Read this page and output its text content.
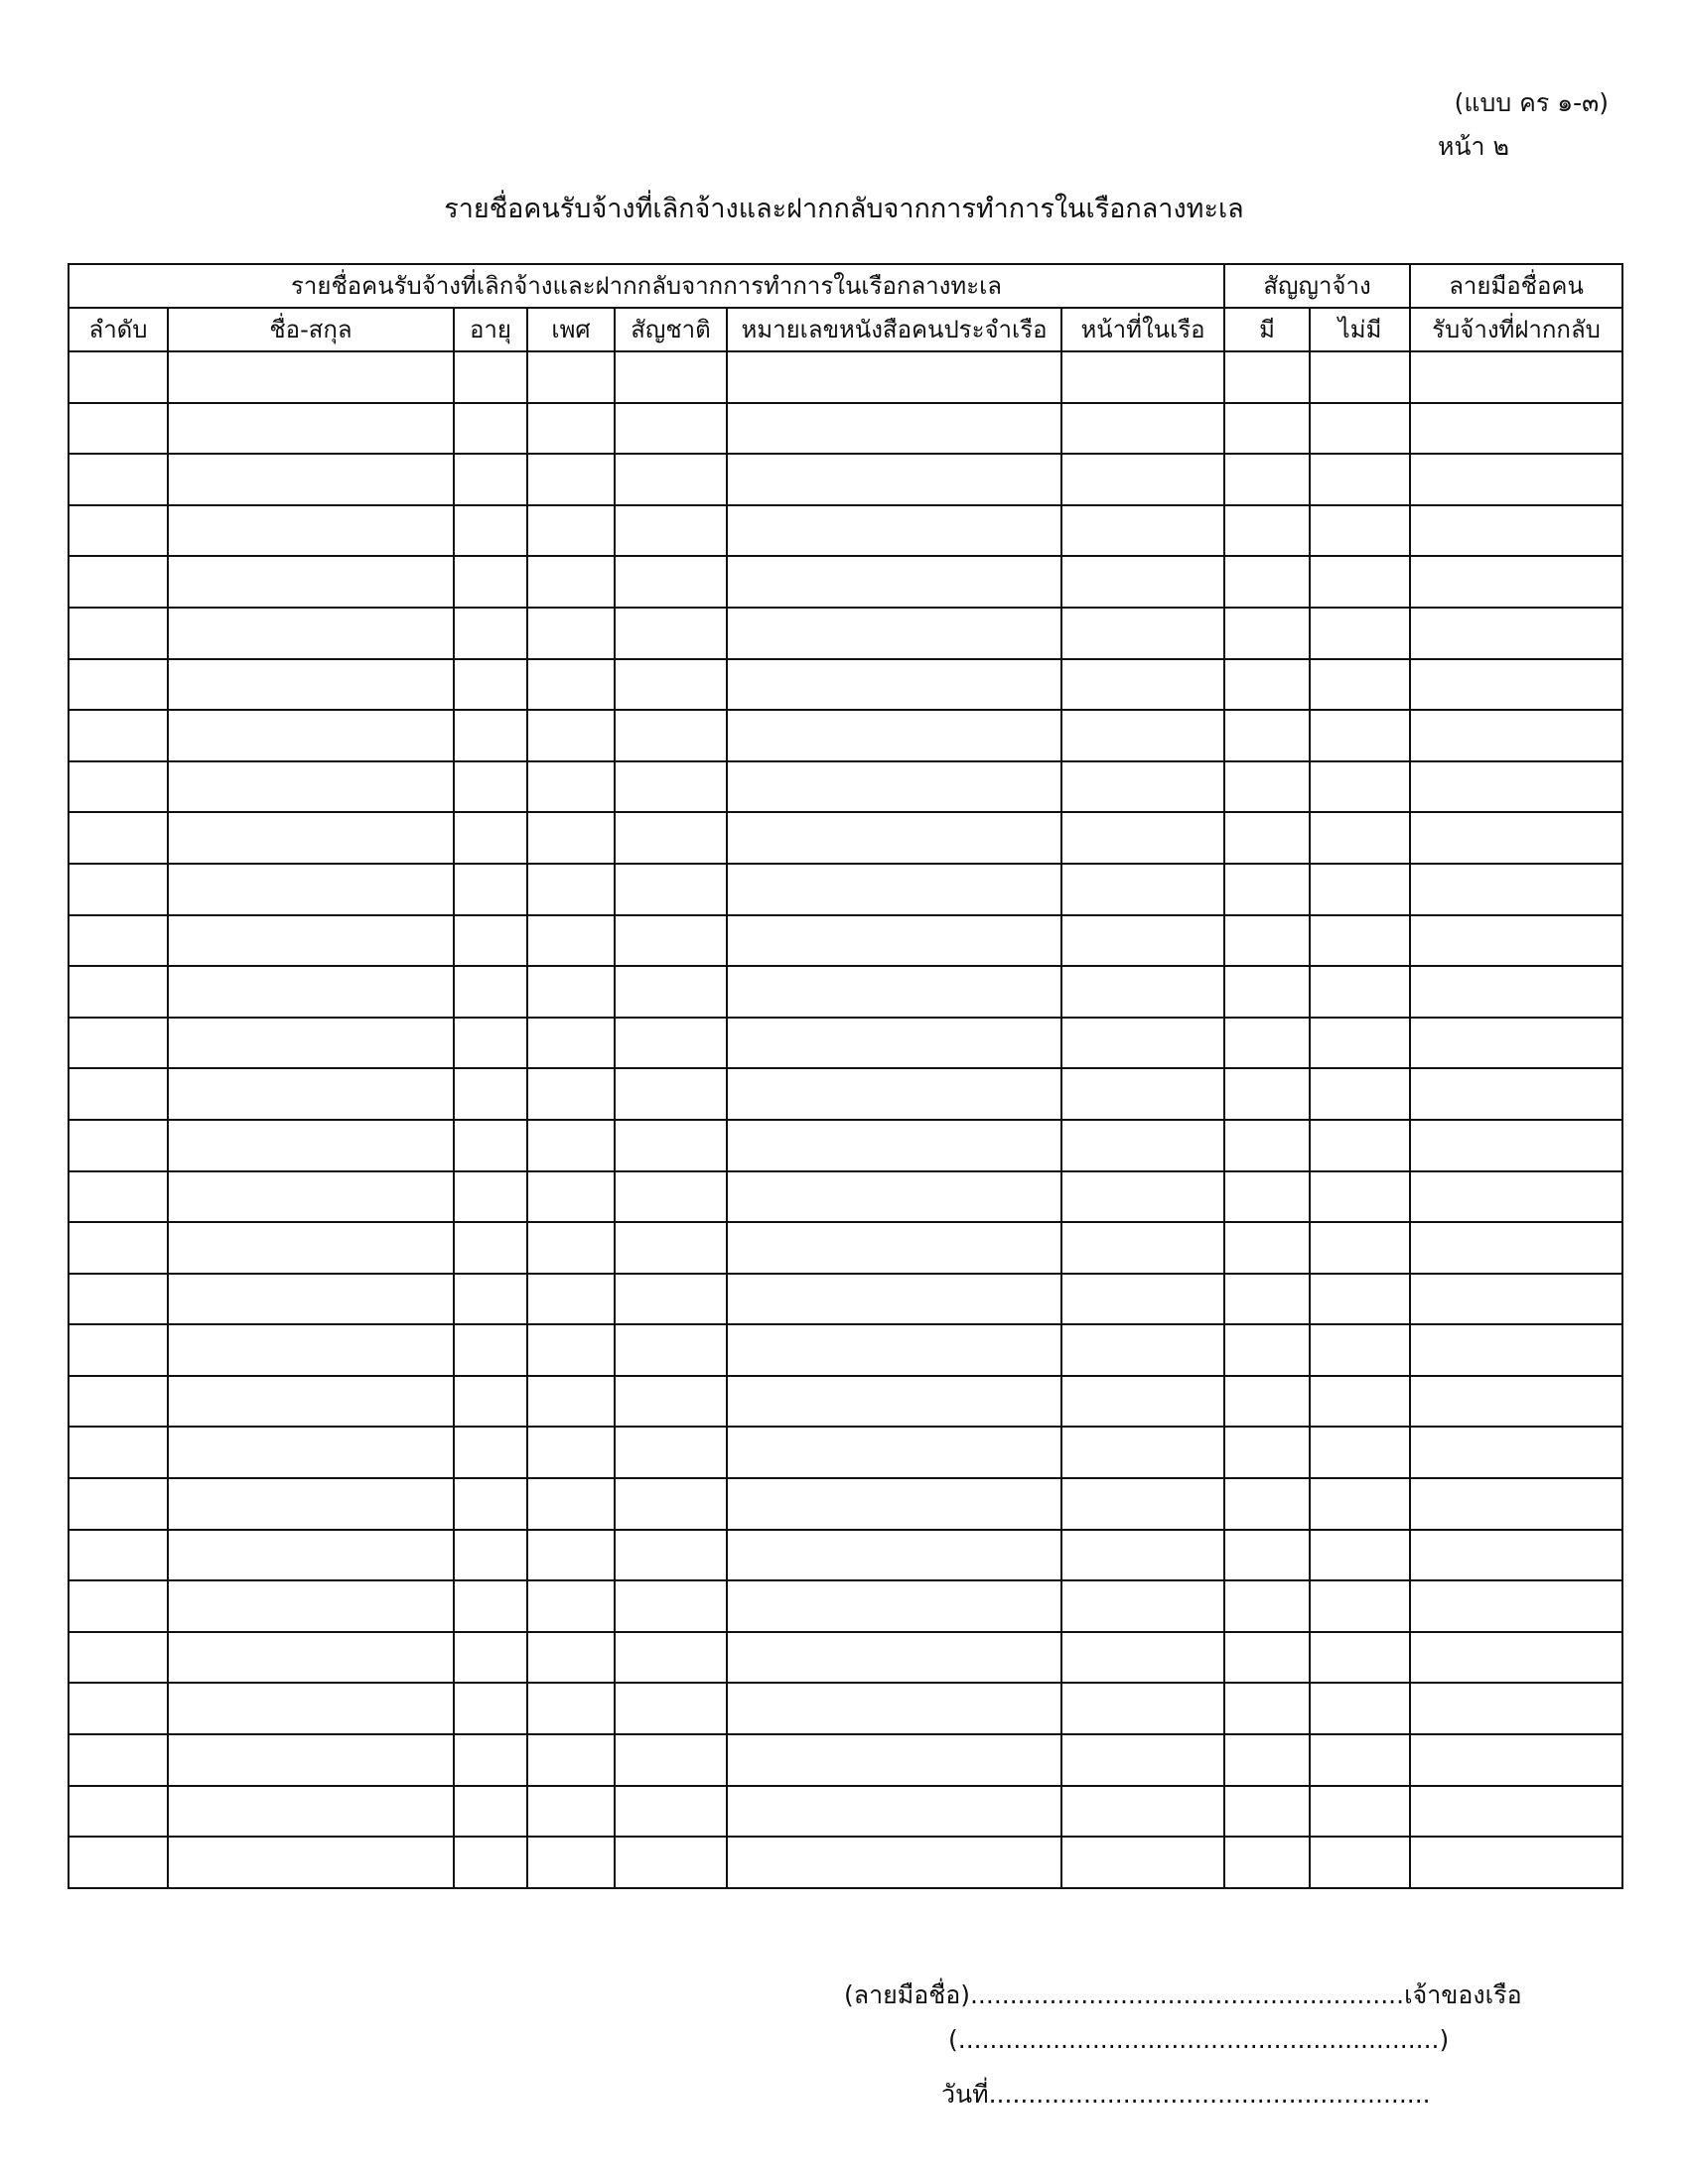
(แบบ คร ๑-๓)
หน้า ๒
รายชื่อคนรับจ้างที่เลิกจ้างและฝากกลับจากการทำการในเรือกลางทะเล
รายชื่อคนรับจ้างที่เลิกจ้างและฝากกลับจากการทำการในเรือกลางทะเล							สัญญาจ้าง		ลายมือชื่อคน
ลำดับ	ชื่อ-สกุล	อายุ	เพศ	สัญชาติ	หมายเลขหนังสือคนประจำเรือ	หน้าที่ในเรือ	มี	ไม่มี	รับจ้างที่ฝากกลับ

(ลายมือชื่อ).......................................................เจ้าของเรือ
(.............................................................)
วันที่........................................................
